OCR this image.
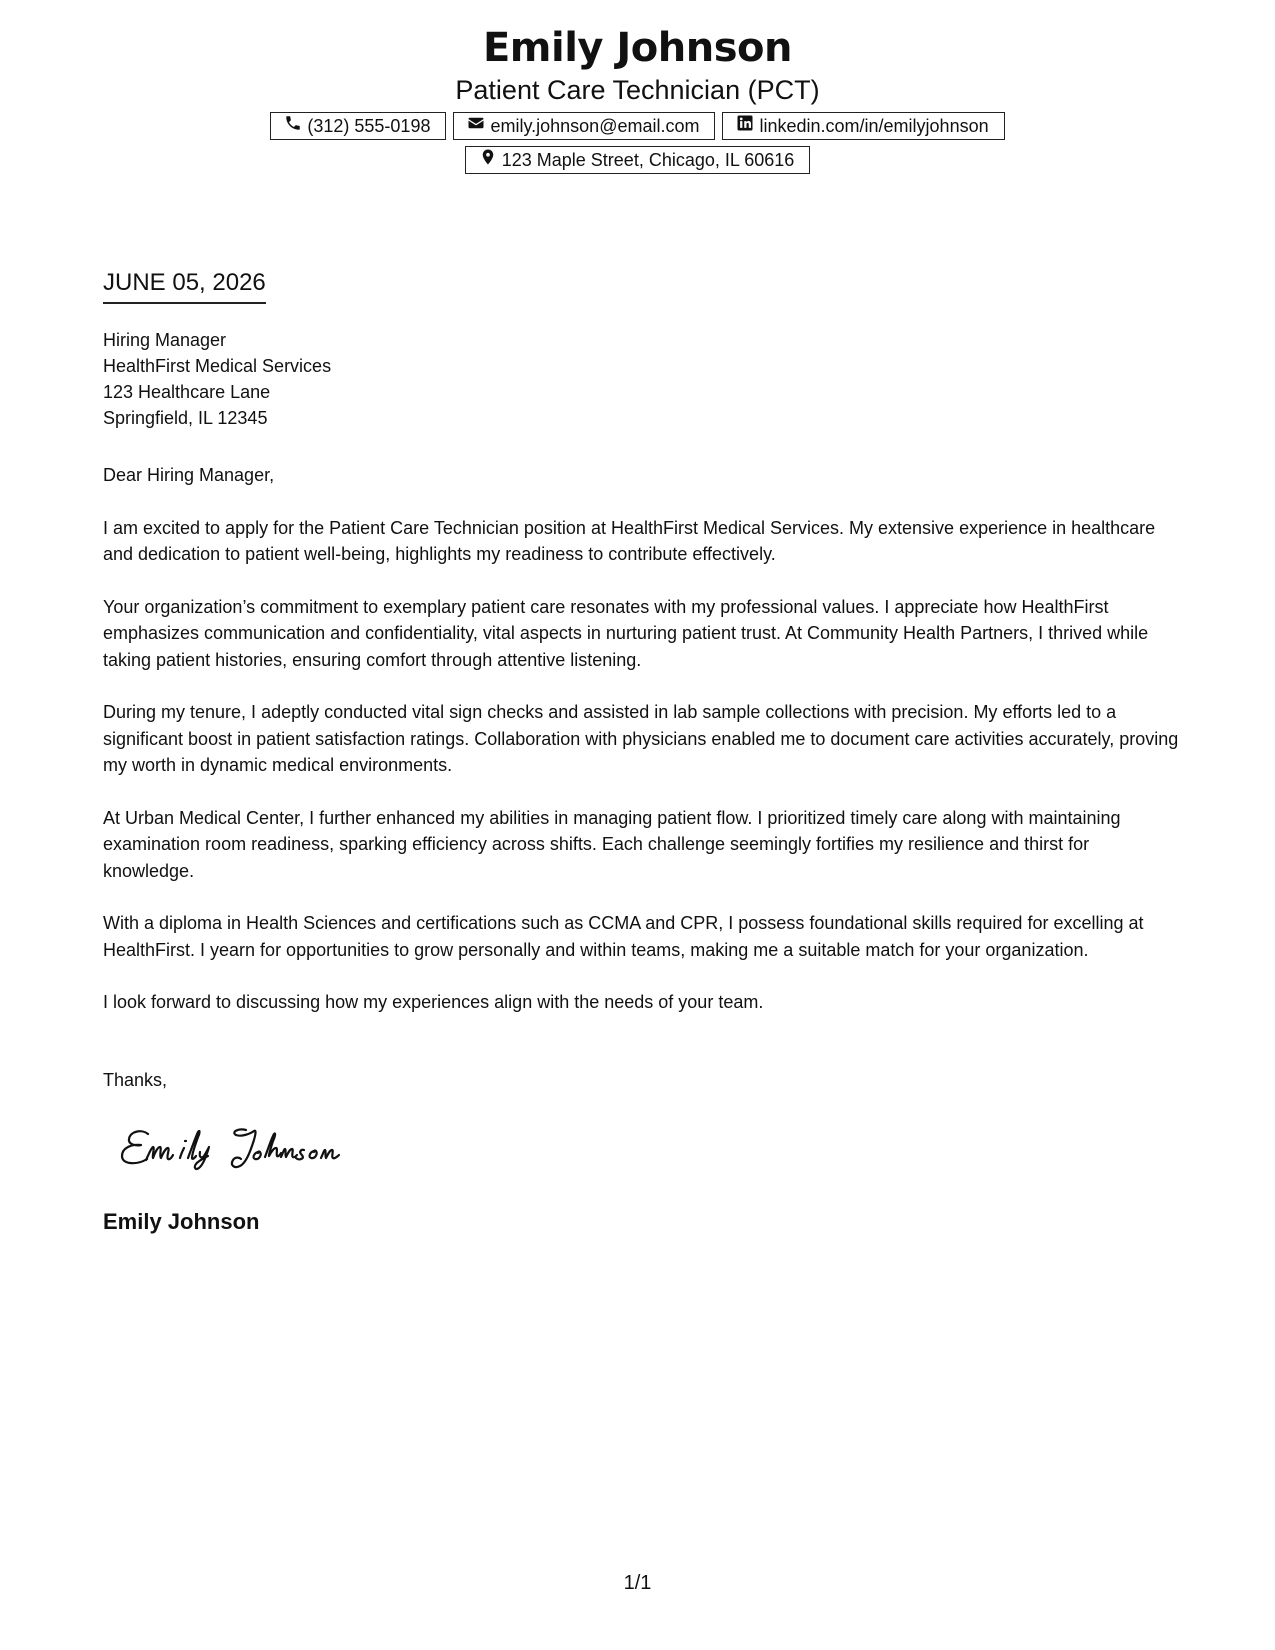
Emily Johnson
Patient Care Technician (PCT)
(312) 555-0198	emily.johnson@email.com	linkedin.com/in/emilyjohnson
123 Maple Street, Chicago, IL 60616
JUNE 05, 2026
Hiring Manager
HealthFirst Medical Services
123 Healthcare Lane
Springfield, IL 12345

Dear Hiring Manager,

I am excited to apply for the Patient Care Technician position at HealthFirst Medical Services. My extensive experience in healthcare and dedication to patient well-being, highlights my readiness to contribute effectively.

Your organization’s commitment to exemplary patient care resonates with my professional values. I appreciate how HealthFirst emphasizes communication and confidentiality, vital aspects in nurturing patient trust. At Community Health Partners, I thrived while taking patient histories, ensuring comfort through attentive listening.

During my tenure, I adeptly conducted vital sign checks and assisted in lab sample collections with precision. My efforts led to a significant boost in patient satisfaction ratings. Collaboration with physicians enabled me to document care activities accurately, proving my worth in dynamic medical environments.

At Urban Medical Center, I further enhanced my abilities in managing patient flow. I prioritized timely care along with maintaining examination room readiness, sparking efficiency across shifts. Each challenge seemingly fortifies my resilience and thirst for knowledge.

With a diploma in Health Sciences and certifications such as CCMA and CPR, I possess foundational skills required for excelling at HealthFirst. I yearn for opportunities to grow personally and within teams, making me a suitable match for your organization.

I look forward to discussing how my experiences align with the needs of your team.

Thanks,
Emily Johnson
1/1
